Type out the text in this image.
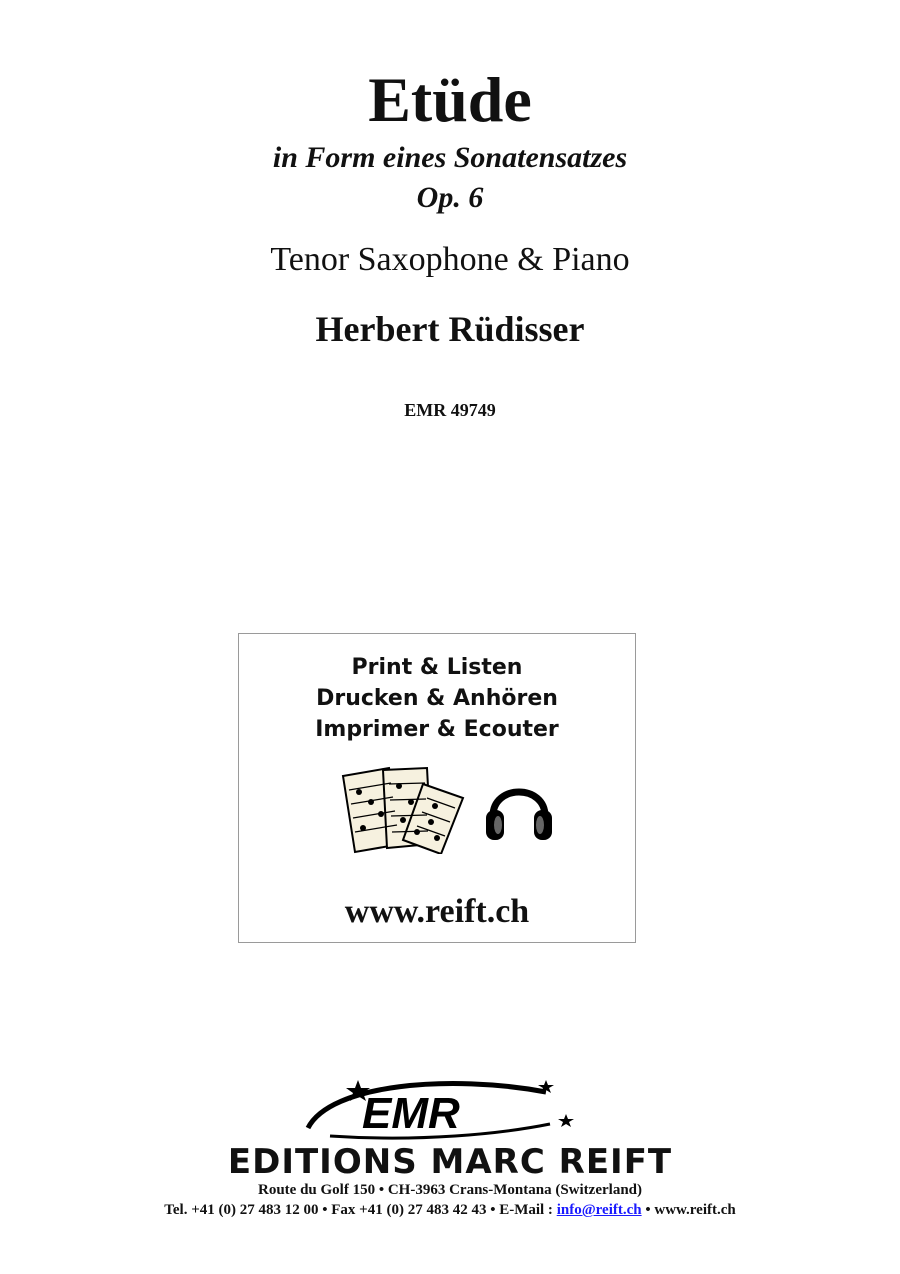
Etüde
in Form eines Sonatensatzes
Op. 6
Tenor Saxophone & Piano
Herbert Rüdisser
EMR 49749
Print & Listen
Drucken & Anhören
Imprimer & Ecouter
www.reift.ch
EMR
EDITIONS MARC REIFT
Route du Golf 150 • CH-3963 Crans-Montana (Switzerland)
Tel. +41 (0) 27 483 12 00 • Fax +41 (0) 27 483 42 43 • E-Mail : info@reift.ch • www.reift.ch
